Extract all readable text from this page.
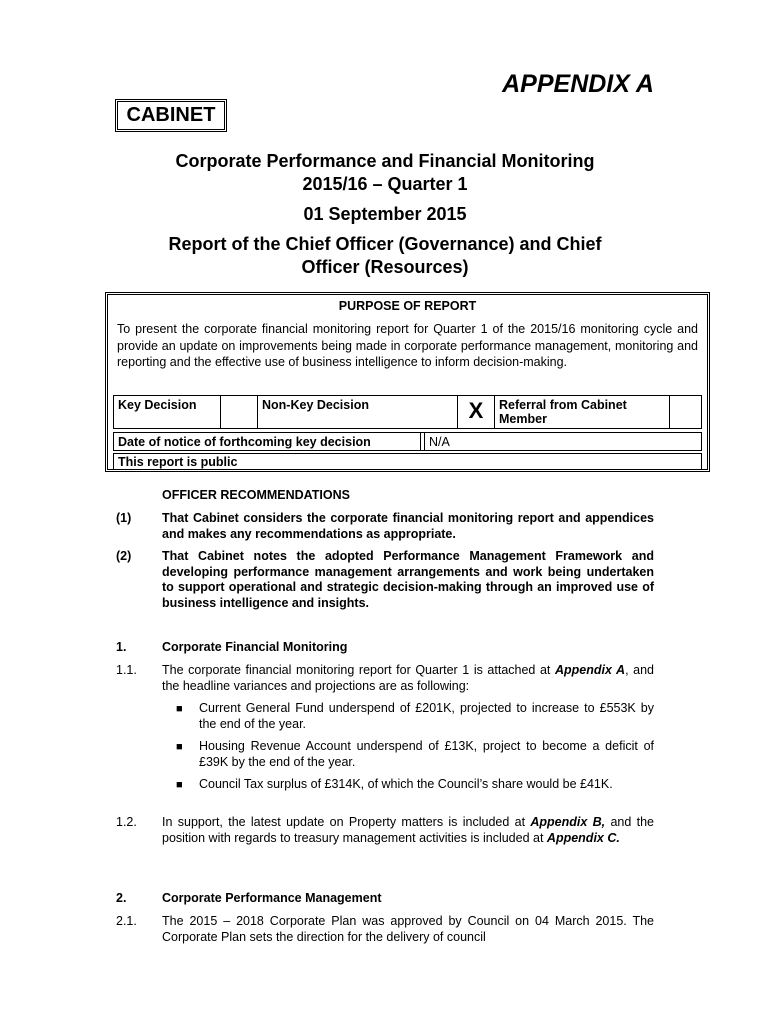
APPENDIX A
CABINET
Corporate Performance and Financial Monitoring
2015/16 – Quarter 1
01 September 2015
Report of the Chief Officer (Governance) and Chief
Officer (Resources)
PURPOSE OF REPORT
To present the corporate financial monitoring report for Quarter 1 of the 2015/16 monitoring cycle and provide an update on improvements being made in corporate performance management, monitoring and reporting and the effective use of business intelligence to inform decision-making.
Key Decision	Non-Key Decision	X	Referral from Cabinet Member
Date of notice of forthcoming key decision	N/A
This report is public
OFFICER RECOMMENDATIONS
(1) That Cabinet considers the corporate financial monitoring report and appendices and makes any recommendations as appropriate.
(2) That Cabinet notes the adopted Performance Management Framework and developing performance management arrangements and work being undertaken to support operational and strategic decision-making through an improved use of business intelligence and insights.
1.	Corporate Financial Monitoring
1.1. The corporate financial monitoring report for Quarter 1 is attached at Appendix A, and the headline variances and projections are as following:
■ Current General Fund underspend of £201K, projected to increase to £553K by the end of the year.
■ Housing Revenue Account underspend of £13K, project to become a deficit of £39K by the end of the year.
■ Council Tax surplus of £314K, of which the Council’s share would be £41K.
1.2. In support, the latest update on Property matters is included at Appendix B, and the position with regards to treasury management activities is included at Appendix C.
2.	Corporate Performance Management
2.1. The 2015 – 2018 Corporate Plan was approved by Council on 04 March 2015. The Corporate Plan sets the direction for the delivery of council
